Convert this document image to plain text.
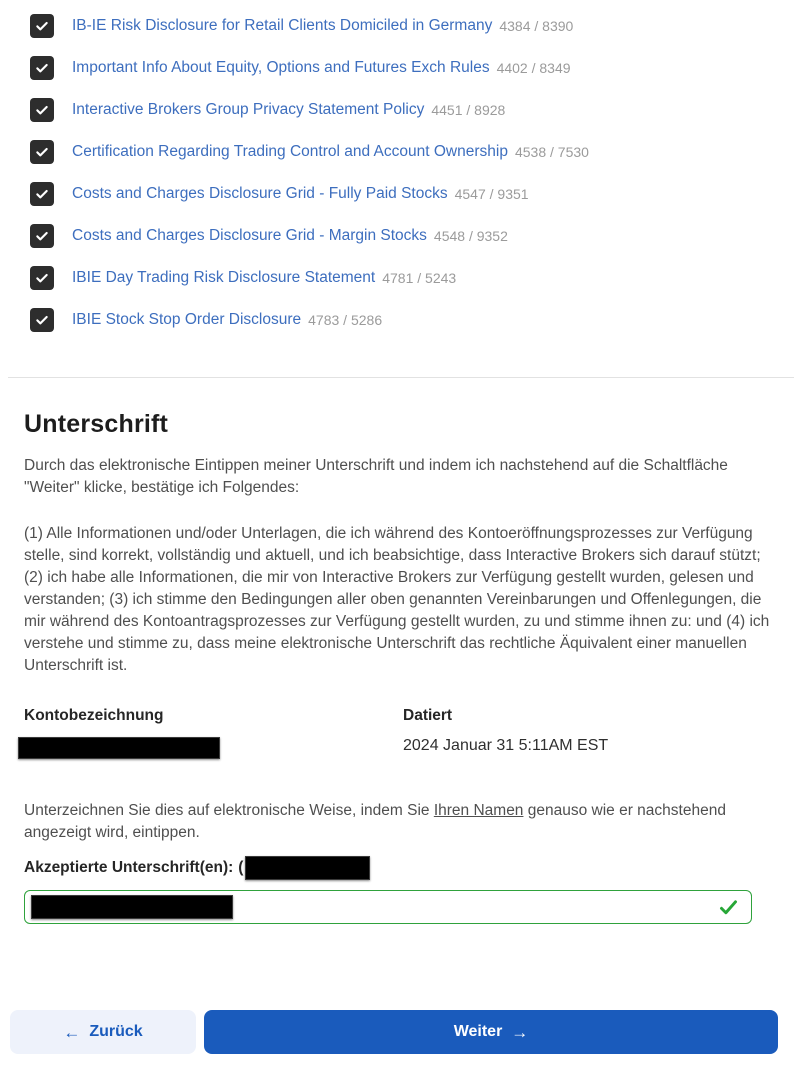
IB-IE Risk Disclosure for Retail Clients Domiciled in Germany 4384 / 8390
Important Info About Equity, Options and Futures Exch Rules 4402 / 8349
Interactive Brokers Group Privacy Statement Policy 4451 / 8928
Certification Regarding Trading Control and Account Ownership 4538 / 7530
Costs and Charges Disclosure Grid - Fully Paid Stocks 4547 / 9351
Costs and Charges Disclosure Grid - Margin Stocks 4548 / 9352
IBIE Day Trading Risk Disclosure Statement 4781 / 5243
IBIE Stock Stop Order Disclosure 4783 / 5286
Unterschrift

Durch das elektronische Eintippen meiner Unterschrift und indem ich nachstehend auf die Schaltfläche "Weiter" klicke, bestätige ich Folgendes:

(1) Alle Informationen und/oder Unterlagen, die ich während des Kontoeröffnungsprozesses zur Verfügung stelle, sind korrekt, vollständig und aktuell, und ich beabsichtige, dass Interactive Brokers sich darauf stützt; (2) ich habe alle Informationen, die mir von Interactive Brokers zur Verfügung gestellt wurden, gelesen und verstanden; (3) ich stimme den Bedingungen aller oben genannten Vereinbarungen und Offenlegungen, die mir während des Kontoantragsprozesses zur Verfügung gestellt wurden, zu und stimme ihnen zu: und (4) ich verstehe und stimme zu, dass meine elektronische Unterschrift das rechtliche Äquivalent einer manuellen Unterschrift ist.

Kontobezeichnung	Datiert
2024 Januar 31 5:11AM EST

Unterzeichnen Sie dies auf elektronische Weise, indem Sie Ihren Namen genauso wie er nachstehend angezeigt wird, eintippen.

Akzeptierte Unterschrift(en): (
← Zurück	Weiter →
